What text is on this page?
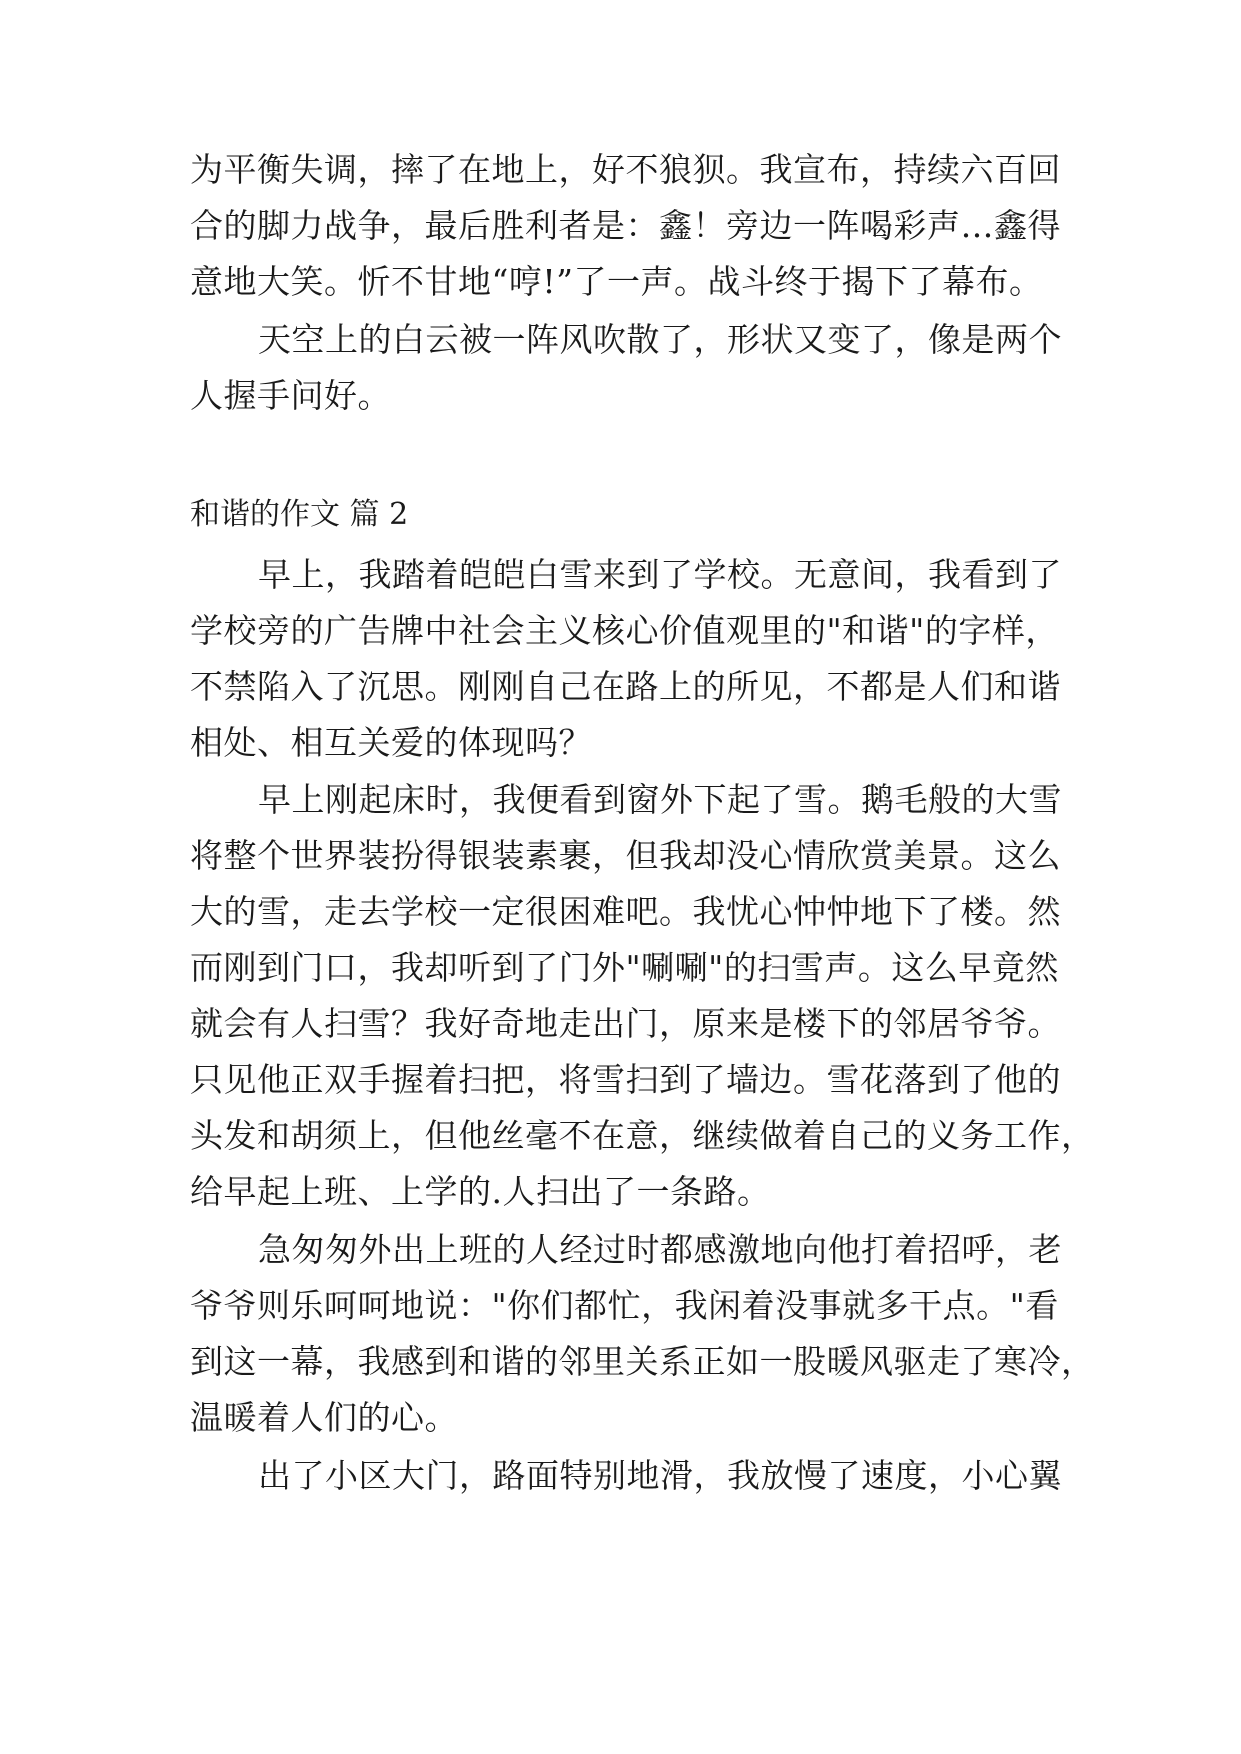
为平衡失调，摔了在地上，好不狼狈。我宣布，持续六百回
合的脚力战争，最后胜利者是：鑫！旁边一阵喝彩声…鑫得
意地大笑。忻不甘地“哼!”了一声。战斗终于揭下了幕布。
天空上的白云被一阵风吹散了，形状又变了，像是两个
人握手问好。
和谐的作文 篇 2
早上，我踏着皑皑白雪来到了学校。无意间，我看到了
学校旁的广告牌中社会主义核心价值观里的"和谐"的字样，
不禁陷入了沉思。刚刚自己在路上的所见，不都是人们和谐
相处、相互关爱的体现吗？
早上刚起床时，我便看到窗外下起了雪。鹅毛般的大雪
将整个世界装扮得银装素裹，但我却没心情欣赏美景。这么
大的雪，走去学校一定很困难吧。我忧心忡忡地下了楼。然
而刚到门口，我却听到了门外"唰唰"的扫雪声。这么早竟然
就会有人扫雪？我好奇地走出门，原来是楼下的邻居爷爷。
只见他正双手握着扫把，将雪扫到了墙边。雪花落到了他的
头发和胡须上，但他丝毫不在意，继续做着自己的义务工作，
给早起上班、上学的.人扫出了一条路。
急匆匆外出上班的人经过时都感激地向他打着招呼，老
爷爷则乐呵呵地说："你们都忙，我闲着没事就多干点。"看
到这一幕，我感到和谐的邻里关系正如一股暖风驱走了寒冷，
温暖着人们的心。
出了小区大门，路面特别地滑，我放慢了速度，小心翼
